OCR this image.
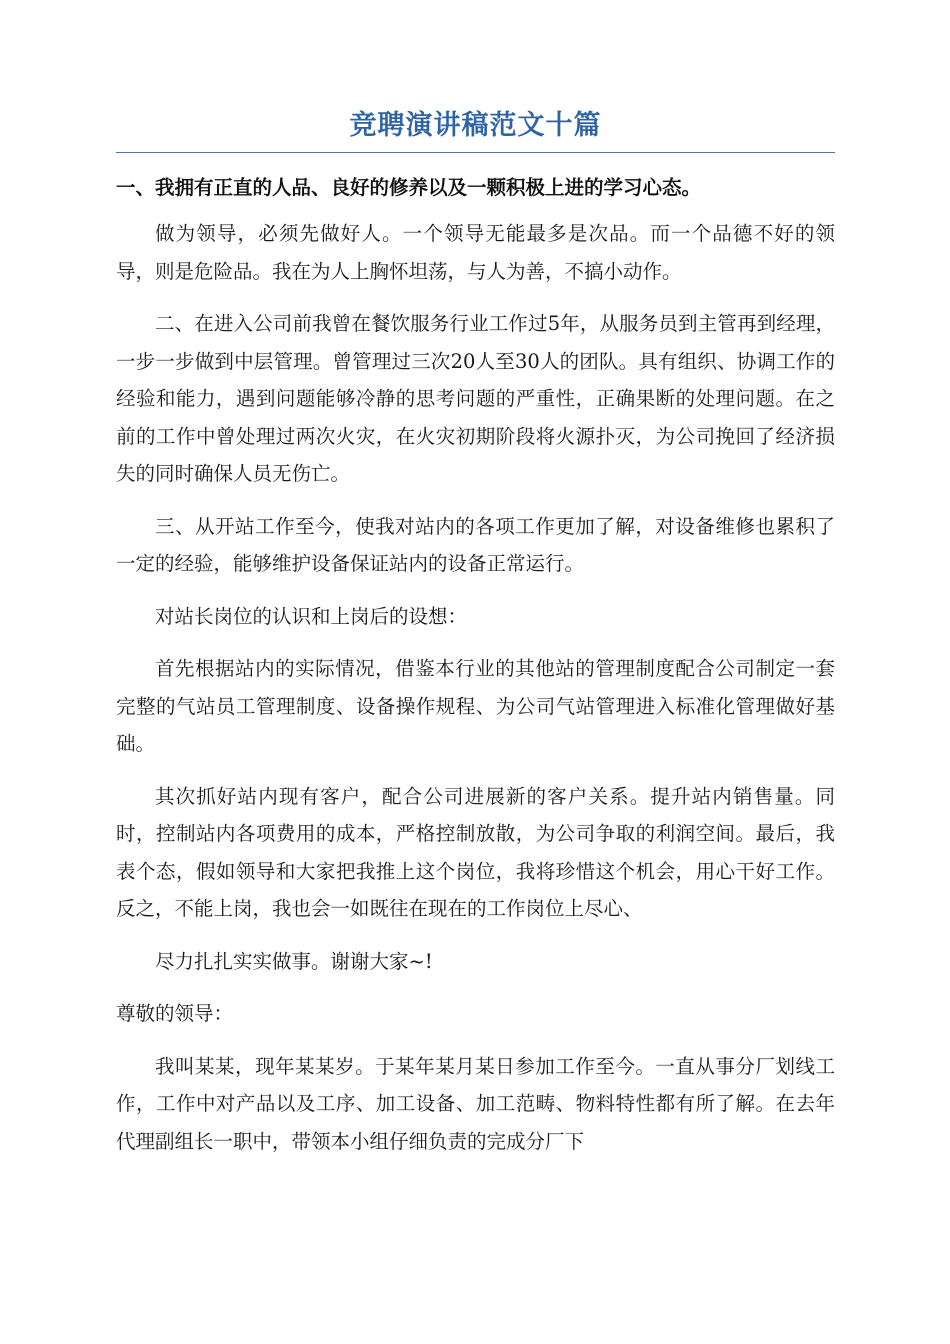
竞聘演讲稿范文十篇

一、我拥有正直的人品、良好的修养以及一颗积极上进的学习心态。

做为领导，必须先做好人。一个领导无能最多是次品。而一个品德不好的领导，则是危险品。我在为人上胸怀坦荡，与人为善，不搞小动作。

二、在进入公司前我曾在餐饮服务行业工作过5年，从服务员到主管再到经理，一步一步做到中层管理。曾管理过三次20人至30人的团队。具有组织、协调工作的经验和能力，遇到问题能够冷静的思考问题的严重性，正确果断的处理问题。在之前的工作中曾处理过两次火灾，在火灾初期阶段将火源扑灭，为公司挽回了经济损失的同时确保人员无伤亡。

三、从开站工作至今，使我对站内的各项工作更加了解，对设备维修也累积了一定的经验，能够维护设备保证站内的设备正常运行。

对站长岗位的认识和上岗后的设想：

首先根据站内的实际情况，借鉴本行业的其他站的管理制度配合公司制定一套完整的气站员工管理制度、设备操作规程、为公司气站管理进入标准化管理做好基础。

其次抓好站内现有客户，配合公司进展新的客户关系。提升站内销售量。同时，控制站内各项费用的成本，严格控制放散，为公司争取的利润空间。最后，我表个态，假如领导和大家把我推上这个岗位，我将珍惜这个机会，用心干好工作。反之，不能上岗，我也会一如既往在现在的工作岗位上尽心、

尽力扎扎实实做事。谢谢大家~!

尊敬的领导：

我叫某某，现年某某岁。于某年某月某日参加工作至今。一直从事分厂划线工作，工作中对产品以及工序、加工设备、加工范畴、物料特性都有所了解。在去年代理副组长一职中，带领本小组仔细负责的完成分厂下
